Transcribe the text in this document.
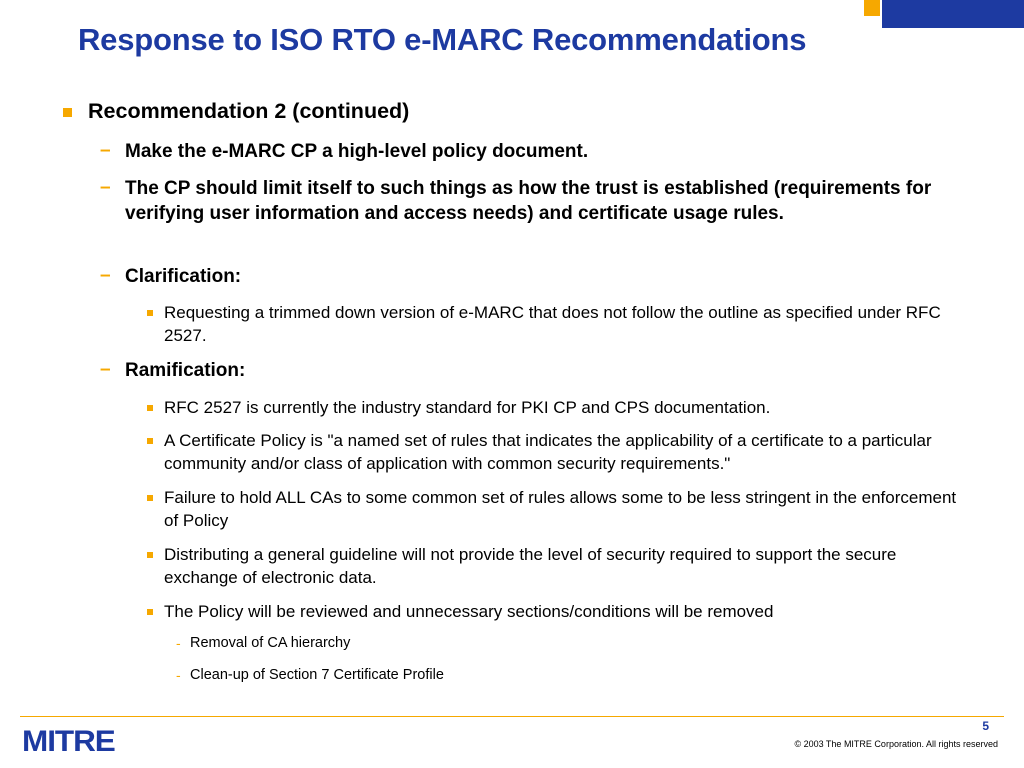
Response to ISO RTO e-MARC Recommendations
Recommendation 2 (continued)
– Make the e-MARC CP a high-level policy document.
– The CP should limit itself to such things as how the trust is established (requirements for verifying user information and access needs) and certificate usage rules.
– Clarification:
Requesting a trimmed down version of e-MARC that does not follow the outline as specified under RFC 2527.
– Ramification:
RFC 2527 is currently the industry standard for PKI CP and CPS documentation.
A Certificate Policy is "a named set of rules that indicates the applicability of a certificate to a particular community and/or class of application with common security requirements."
Failure to hold ALL CAs to some common set of rules allows some to be less stringent in the enforcement of Policy
Distributing a general guideline will not provide the level of security required to support the secure exchange of electronic data.
The Policy will be reviewed and unnecessary sections/conditions will be removed
- Removal of CA hierarchy
- Clean-up of Section 7 Certificate Profile
MITRE	5
© 2003 The MITRE Corporation. All rights reserved
